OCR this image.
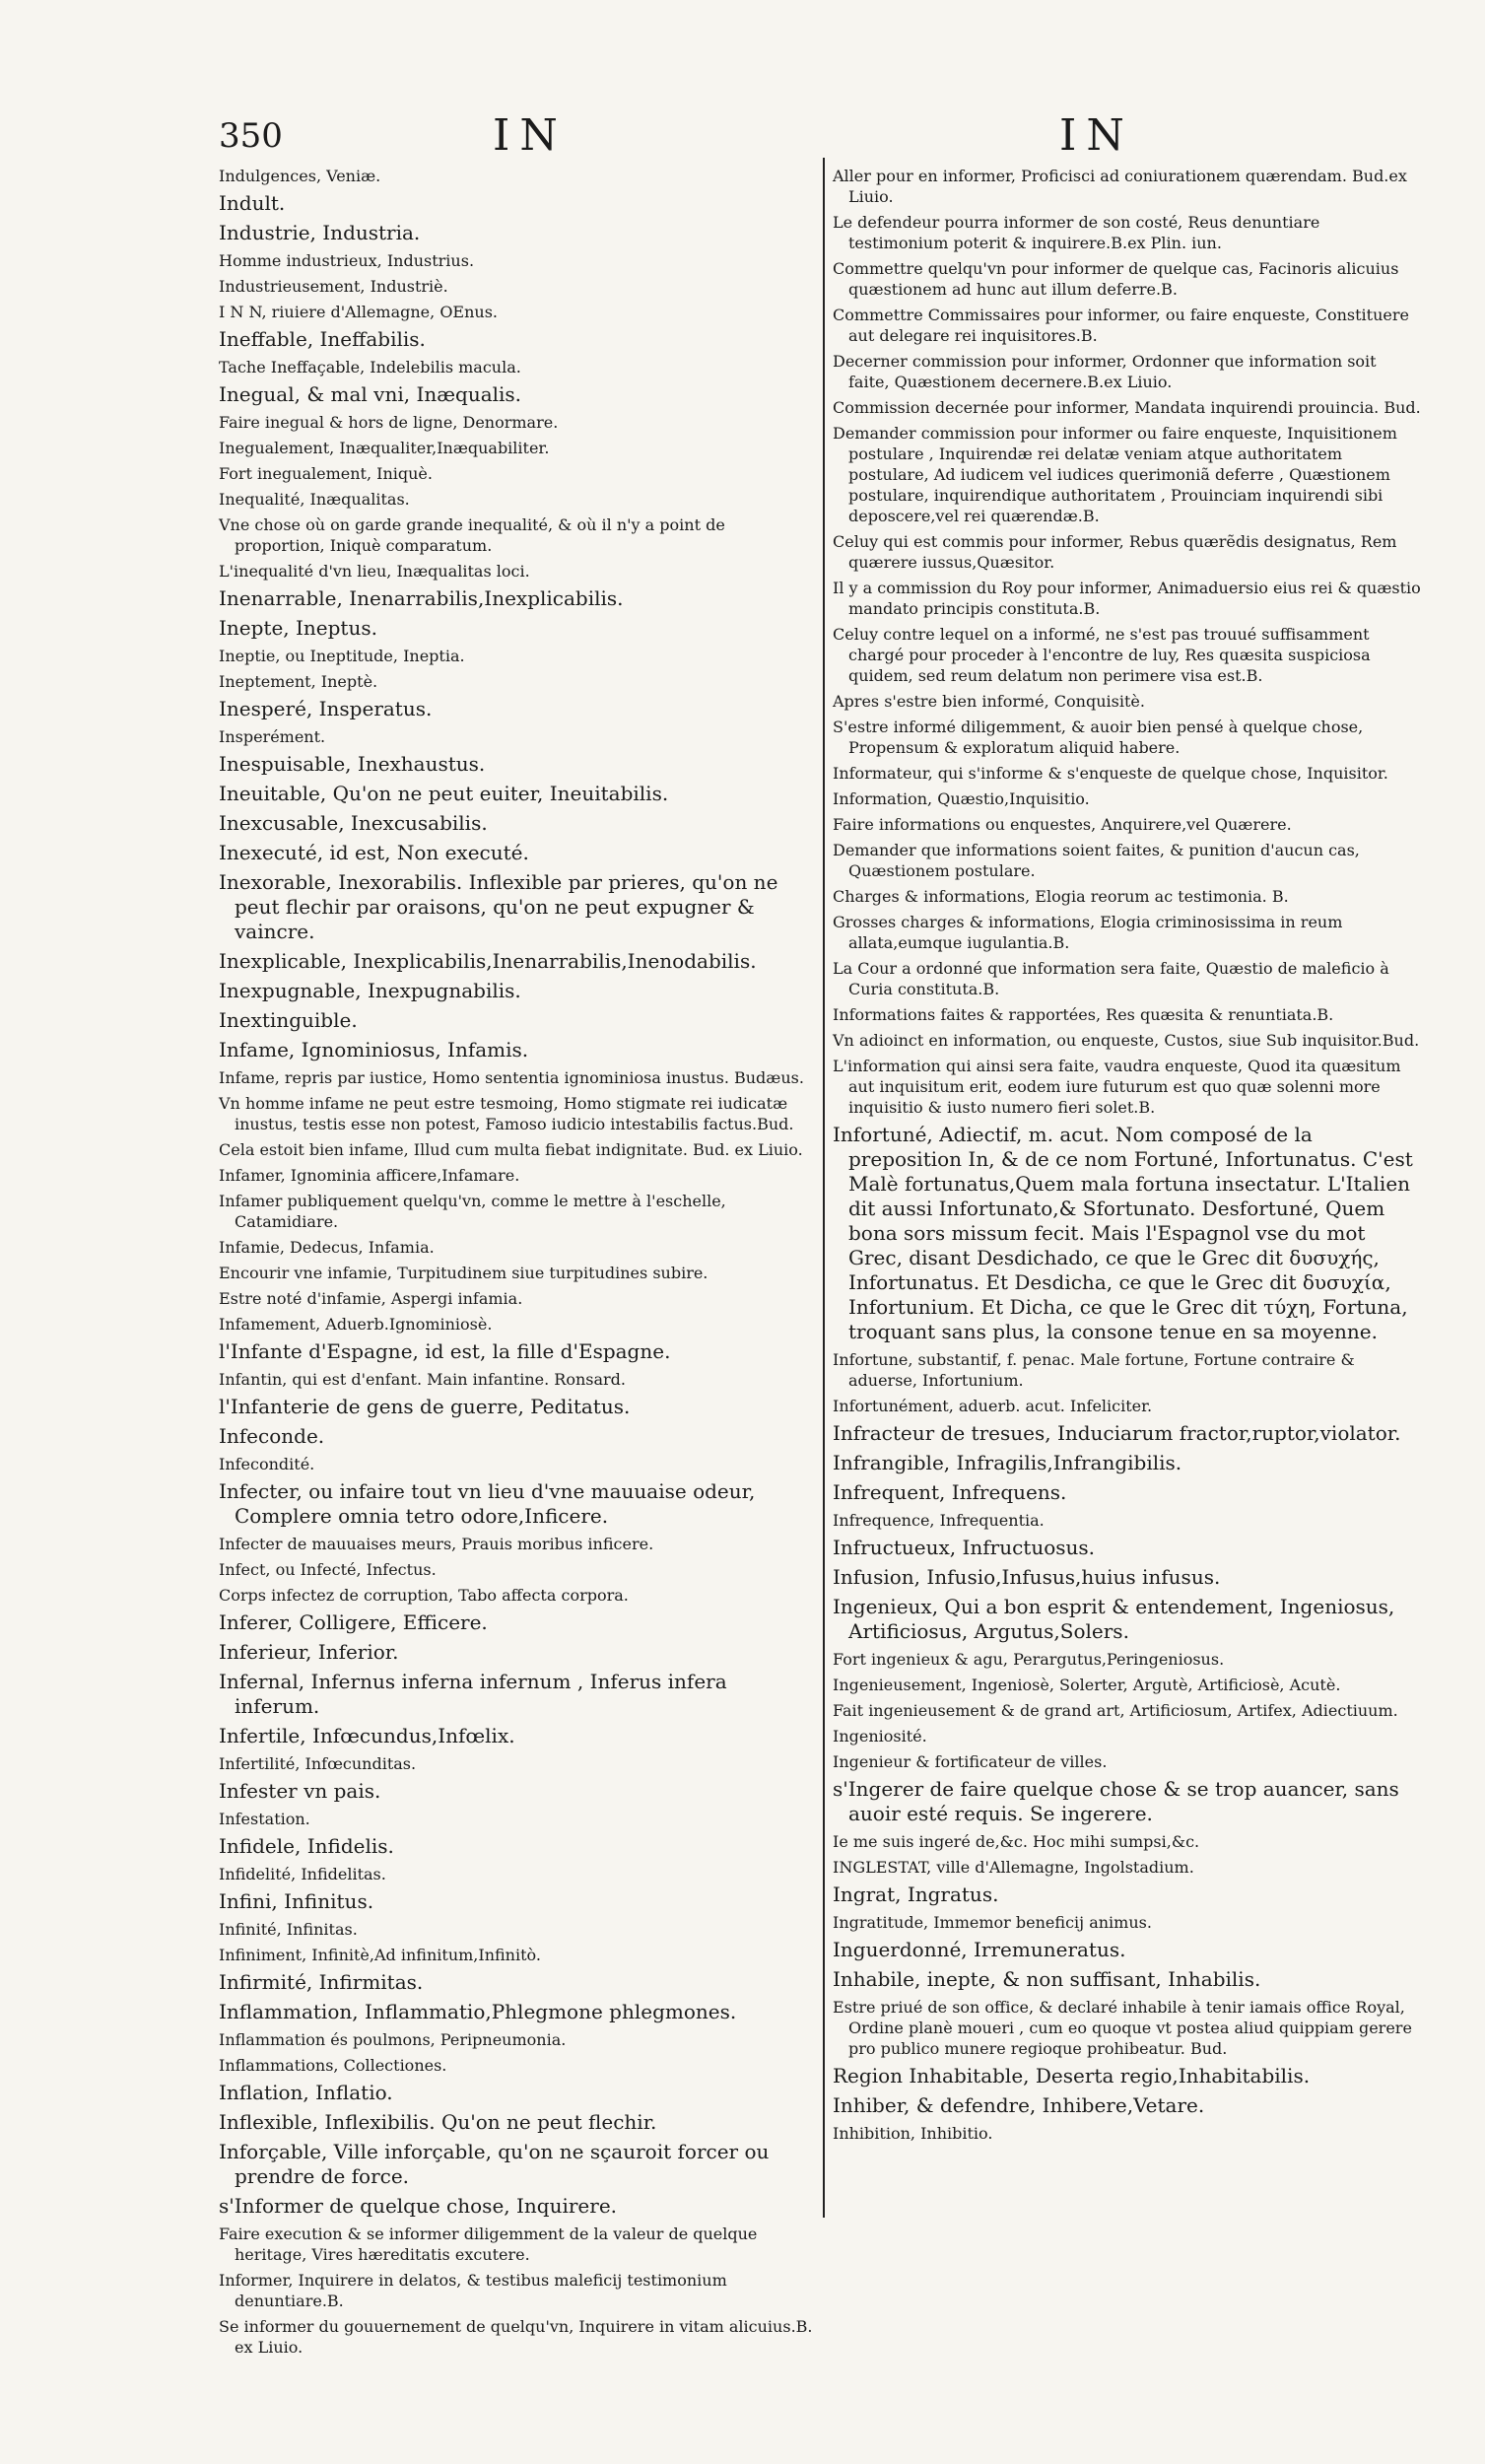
350	IN	IN

Indulgences, Veniæ.

Indult.

Industrie, Industria.

Homme industrieux, Industrius.

Industrieusement, Industriè.

I N N, riuiere d'Allemagne, OEnus.

Ineffable, Ineffabilis.

Tache Ineffaçable, Indelebilis macula.

Inegual, & mal vni, Inæqualis.

Faire inegual & hors de ligne, Denormare.

Inegualement, Inæqualiter,Inæquabiliter.

Fort inegualement, Iniquè.

Inequalité, Inæqualitas.

Vne chose où on garde grande inequalité, & où il n'y a point de proportion, Iniquè comparatum.

L'inequalité d'vn lieu, Inæqualitas loci.

Inenarrable, Inenarrabilis,Inexplicabilis.

Inepte, Ineptus.

Ineptie, ou Ineptitude, Ineptia.

Ineptement, Ineptè.

Inesperé, Insperatus.

Insperément.

Inespuisable, Inexhaustus.

Ineuitable, Qu'on ne peut euiter, Ineuitabilis.

Inexcusable, Inexcusabilis.

Inexecuté, id est, Non executé.

Inexorable, Inexorabilis. Inflexible par prieres, qu'on ne peut flechir par oraisons, qu'on ne peut expugner & vaincre.

Inexplicable, Inexplicabilis,Inenarrabilis,Inenodabilis.

Inexpugnable, Inexpugnabilis.

Inextinguible.

Infame, Ignominiosus, Infamis.

Infame, repris par iustice, Homo sententia ignominiosa inustus. Budæus.

Vn homme infame ne peut estre tesmoing, Homo stigmate rei iudicatæ inustus, testis esse non potest, Famoso iudicio intestabilis factus.Bud.

Cela estoit bien infame, Illud cum multa fiebat indignitate. Bud. ex Liuio.

Infamer, Ignominia afficere,Infamare.

Infamer publiquement quelqu'vn, comme le mettre à l'eschelle, Catamidiare.

Infamie, Dedecus, Infamia.

Encourir vne infamie, Turpitudinem siue turpitudines subire.

Estre noté d'infamie, Aspergi infamia.

Infamement, Aduerb.Ignominiosè.

l'Infante d'Espagne, id est, la fille d'Espagne.

Infantin, qui est d'enfant. Main infantine. Ronsard.

l'Infanterie de gens de guerre, Peditatus.

Infeconde.

Infecondité.

Infecter, ou infaire tout vn lieu d'vne mauuaise odeur, Complere omnia tetro odore,Inficere.

Infecter de mauuaises meurs, Prauis moribus inficere.

Infect, ou Infecté, Infectus.

Corps infectez de corruption, Tabo affecta corpora.

Inferer, Colligere, Efficere.

Inferieur, Inferior.

Infernal, Infernus inferna infernum , Inferus infera inferum.

Infertile, Infœcundus,Infœlix.

Infertilité, Infœcunditas.

Infester vn pais.

Infestation.

Infidele, Infidelis.

Infidelité, Infidelitas.

Infini, Infinitus.

Infinité, Infinitas.

Infiniment, Infinitè,Ad infinitum,Infinitò.

Infirmité, Infirmitas.

Inflammation, Inflammatio,Phlegmone phlegmones.

Inflammation és poulmons, Peripneumonia.

Inflammations, Collectiones.

Inflation, Inflatio.

Inflexible, Inflexibilis. Qu'on ne peut flechir.

Inforçable, Ville inforçable, qu'on ne sçauroit forcer ou prendre de force.

s'Informer de quelque chose, Inquirere.

Faire execution & se informer diligemment de la valeur de quelque heritage, Vires hæreditatis excutere.

Informer, Inquirere in delatos, & testibus maleficij testimonium denuntiare.B.

Se informer du gouuernement de quelqu'vn, Inquirere in vitam alicuius.B. ex Liuio.

Aller pour en informer, Proficisci ad coniurationem quærendam. Bud.ex Liuio.

Le defendeur pourra informer de son costé, Reus denuntiare testimonium poterit & inquirere.B.ex Plin. iun.

Commettre quelqu'vn pour informer de quelque cas, Facinoris alicuius quæstionem ad hunc aut illum deferre.B.

Commettre Commissaires pour informer, ou faire enqueste, Constituere aut delegare rei inquisitores.B.

Decerner commission pour informer, Ordonner que information soit faite, Quæstionem decernere.B.ex Liuio.

Commission decernée pour informer, Mandata inquirendi prouincia. Bud.

Demander commission pour informer ou faire enqueste, Inquisitionem postulare , Inquirendæ rei delatæ veniam atque authoritatem postulare, Ad iudicem vel iudices querimoniã deferre , Quæstionem postulare, inquirendique authoritatem , Prouinciam inquirendi sibi deposcere,vel rei quærendæ.B.

Celuy qui est commis pour informer, Rebus quærẽdis designatus, Rem quærere iussus,Quæsitor.

Il y a commission du Roy pour informer, Animaduersio eius rei & quæstio mandato principis constituta.B.

Celuy contre lequel on a informé, ne s'est pas trouué suffisamment chargé pour proceder à l'encontre de luy, Res quæsita suspiciosa quidem, sed reum delatum non perimere visa est.B.

Apres s'estre bien informé, Conquisitè.

S'estre informé diligemment, & auoir bien pensé à quelque chose, Propensum & exploratum aliquid habere.

Informateur, qui s'informe & s'enqueste de quelque chose, Inquisitor.

Information, Quæstio,Inquisitio.

Faire informations ou enquestes, Anquirere,vel Quærere.

Demander que informations soient faites, & punition d'aucun cas, Quæstionem postulare.

Charges & informations, Elogia reorum ac testimonia. B.

Grosses charges & informations, Elogia criminosissima in reum allata,eumque iugulantia.B.

La Cour a ordonné que information sera faite, Quæstio de maleficio à Curia constituta.B.

Informations faites & rapportées, Res quæsita & renuntiata.B.

Vn adioinct en information, ou enqueste, Custos, siue Sub inquisitor.Bud.

L'information qui ainsi sera faite, vaudra enqueste, Quod ita quæsitum aut inquisitum erit, eodem iure futurum est quo quæ solenni more inquisitio & iusto numero fieri solet.B.

Infortuné, Adiectif, m. acut. Nom composé de la preposition In, & de ce nom Fortuné, Infortunatus. C'est Malè fortunatus,Quem mala fortuna insectatur. L'Italien dit aussi Infortunato,& Sfortunato. Desfortuné, Quem bona sors missum fecit. Mais l'Espagnol vse du mot Grec, disant Desdichado, ce que le Grec dit δυσυχής, Infortunatus. Et Desdicha, ce que le Grec dit δυσυχία, Infortunium. Et Dicha, ce que le Grec dit τύχη, Fortuna, troquant sans plus, la consone tenue en sa moyenne.

Infortune, substantif, f. penac. Male fortune, Fortune contraire & aduerse, Infortunium.

Infortunément, aduerb. acut. Infeliciter.

Infracteur de tresues, Induciarum fractor,ruptor,violator.

Infrangible, Infragilis,Infrangibilis.

Infrequent, Infrequens.

Infrequence, Infrequentia.

Infructueux, Infructuosus.

Infusion, Infusio,Infusus,huius infusus.

Ingenieux, Qui a bon esprit & entendement, Ingeniosus, Artificiosus, Argutus,Solers.

Fort ingenieux & agu, Perargutus,Peringeniosus.

Ingenieusement, Ingeniosè, Solerter, Argutè, Artificiosè, Acutè.

Fait ingenieusement & de grand art, Artificiosum, Artifex, Adiectiuum.

Ingeniosité.

Ingenieur & fortificateur de villes.

s'Ingerer de faire quelque chose & se trop auancer, sans auoir esté requis. Se ingerere.

Ie me suis ingeré de,&c. Hoc mihi sumpsi,&c.

INGLESTAT, ville d'Allemagne, Ingolstadium.

Ingrat, Ingratus.

Ingratitude, Immemor beneficij animus.

Inguerdonné, Irremuneratus.

Inhabile, inepte, & non suffisant, Inhabilis.

Estre priué de son office, & declaré inhabile à tenir iamais office Royal, Ordine planè moueri , cum eo quoque vt postea aliud quippiam gerere pro publico munere regioque prohibeatur. Bud.

Region Inhabitable, Deserta regio,Inhabitabilis.

Inhiber, & defendre, Inhibere,Vetare.

Inhibition, Inhibitio.
